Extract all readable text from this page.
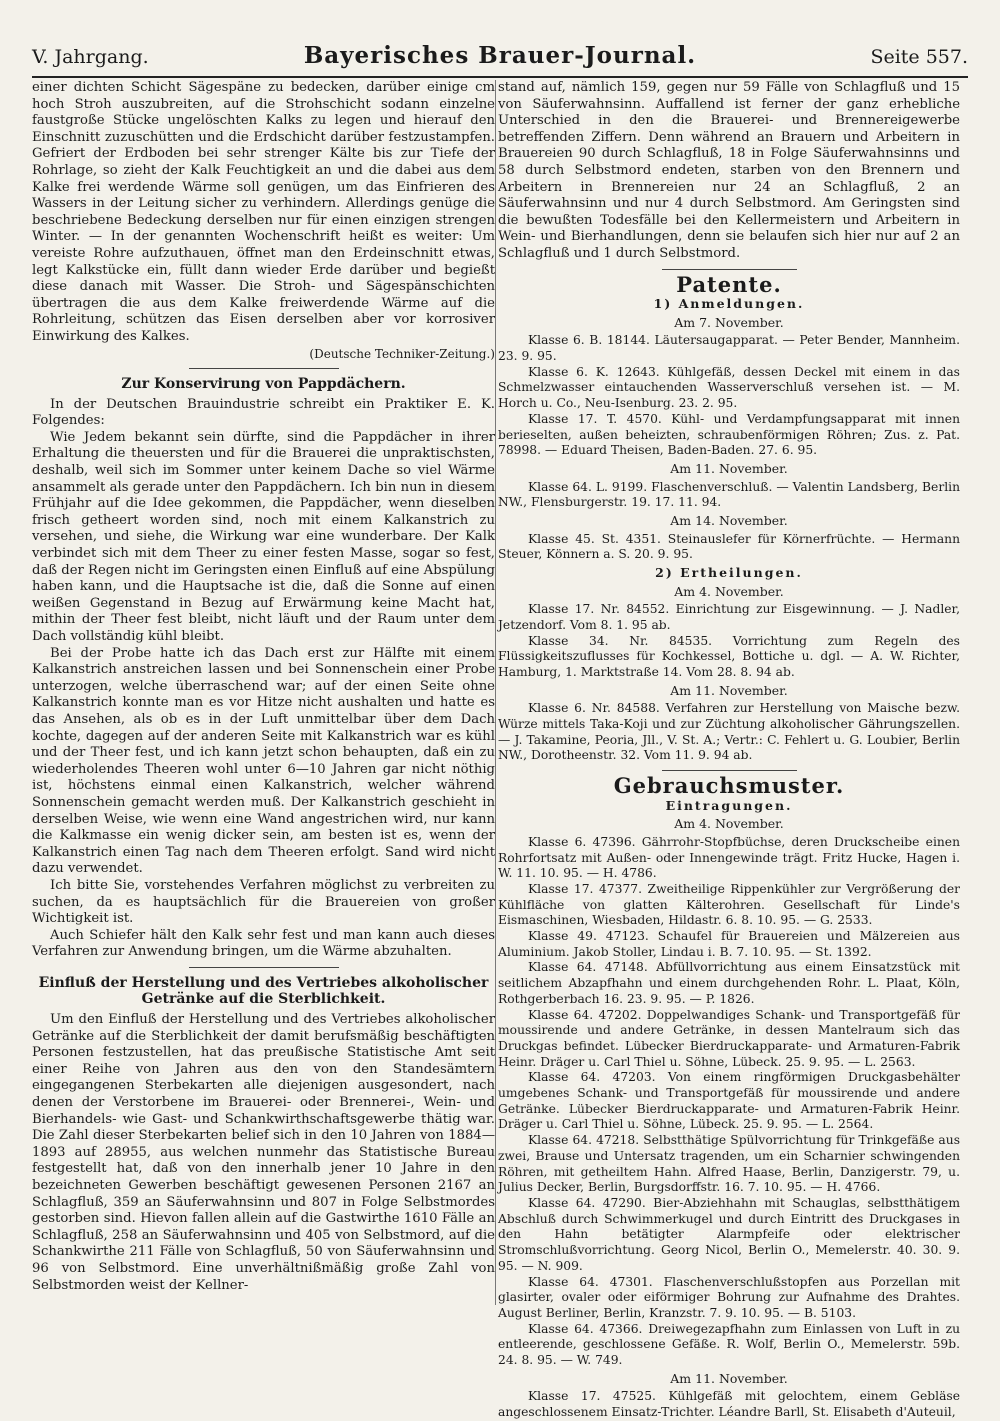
V. Jahrgang.	Bayerisches Brauer-Journal.	Seite 557.

einer dichten Schicht Sägespäne zu bedecken, darüber einige cm hoch Stroh auszubreiten, auf die Strohschicht sodann einzelne faustgroße Stücke ungelöschten Kalks zu legen und hierauf den Einschnitt zuzuschütten und die Erdschicht darüber festzustampfen. Gefriert der Erdboden bei sehr strenger Kälte bis zur Tiefe der Rohrlage, so zieht der Kalk Feuchtigkeit an und die dabei aus dem Kalke frei werdende Wärme soll genügen, um das Einfrieren des Wassers in der Leitung sicher zu verhindern. Allerdings genüge die beschriebene Bedeckung derselben nur für einen einzigen strengen Winter. — In der genannten Wochenschrift heißt es weiter: Um vereiste Rohre aufzuthauen, öffnet man den Erdeinschnitt etwas, legt Kalkstücke ein, füllt dann wieder Erde darüber und begießt diese danach mit Wasser. Die Stroh- und Sägespänschichten übertragen die aus dem Kalke freiwerdende Wärme auf die Rohrleitung, schützen das Eisen derselben aber vor korrosiver Einwirkung des Kalkes.

(Deutsche Techniker-Zeitung.)

Zur Konservirung von Pappdächern.

In der Deutschen Brauindustrie schreibt ein Praktiker E. K. Folgendes:

Wie Jedem bekannt sein dürfte, sind die Pappdächer in ihrer Erhaltung die theuersten und für die Brauerei die unpraktischsten, deshalb, weil sich im Sommer unter keinem Dache so viel Wärme ansammelt als gerade unter den Pappdächern. Ich bin nun in diesem Frühjahr auf die Idee gekommen, die Pappdächer, wenn dieselben frisch getheert worden sind, noch mit einem Kalkanstrich zu versehen, und siehe, die Wirkung war eine wunderbare. Der Kalk verbindet sich mit dem Theer zu einer festen Masse, sogar so fest, daß der Regen nicht im Geringsten einen Einfluß auf eine Abspülung haben kann, und die Hauptsache ist die, daß die Sonne auf einen weißen Gegenstand in Bezug auf Erwärmung keine Macht hat, mithin der Theer fest bleibt, nicht läuft und der Raum unter dem Dach vollständig kühl bleibt.

Bei der Probe hatte ich das Dach erst zur Hälfte mit einem Kalkanstrich anstreichen lassen und bei Sonnenschein einer Probe unterzogen, welche überraschend war; auf der einen Seite ohne Kalkanstrich konnte man es vor Hitze nicht aushalten und hatte es das Ansehen, als ob es in der Luft unmittelbar über dem Dach kochte, dagegen auf der anderen Seite mit Kalkanstrich war es kühl und der Theer fest, und ich kann jetzt schon behaupten, daß ein zu wiederholendes Theeren wohl unter 6—10 Jahren gar nicht nöthig ist, höchstens einmal einen Kalkanstrich, welcher während Sonnenschein gemacht werden muß. Der Kalkanstrich geschieht in derselben Weise, wie wenn eine Wand angestrichen wird, nur kann die Kalkmasse ein wenig dicker sein, am besten ist es, wenn der Kalkanstrich einen Tag nach dem Theeren erfolgt. Sand wird nicht dazu verwendet.

Ich bitte Sie, vorstehendes Verfahren möglichst zu verbreiten zu suchen, da es hauptsächlich für die Brauereien von großer Wichtigkeit ist.

Auch Schiefer hält den Kalk sehr fest und man kann auch dieses Verfahren zur Anwendung bringen, um die Wärme abzuhalten.

Einfluß der Herstellung und des Vertriebes alkoholischer Getränke auf die Sterblichkeit.

Um den Einfluß der Herstellung und des Vertriebes alkoholischer Getränke auf die Sterblichkeit der damit berufsmäßig beschäftigten Personen festzustellen, hat das preußische Statistische Amt seit einer Reihe von Jahren aus den von den Standesämtern eingegangenen Sterbekarten alle diejenigen ausgesondert, nach denen der Verstorbene im Brauerei- oder Brennerei-, Wein- und Bierhandels- wie Gast- und Schankwirthschaftsgewerbe thätig war. Die Zahl dieser Sterbekarten belief sich in den 10 Jahren von 1884—1893 auf 28955, aus welchen nunmehr das Statistische Bureau festgestellt hat, daß von den innerhalb jener 10 Jahre in den bezeichneten Gewerben beschäftigt gewesenen Personen 2167 an Schlagfluß, 359 an Säuferwahnsinn und 807 in Folge Selbstmordes gestorben sind. Hievon fallen allein auf die Gastwirthe 1610 Fälle an Schlagfluß, 258 an Säuferwahnsinn und 405 von Selbstmord, auf die Schankwirthe 211 Fälle von Schlagfluß, 50 von Säuferwahnsinn und 96 von Selbstmord. Eine unverhältnißmäßig große Zahl von Selbstmorden weist der Kellner-

stand auf, nämlich 159, gegen nur 59 Fälle von Schlagfluß und 15 von Säuferwahnsinn. Auffallend ist ferner der ganz erhebliche Unterschied in den die Brauerei- und Brennereigewerbe betreffenden Ziffern. Denn während an Brauern und Arbeitern in Brauereien 90 durch Schlagfluß, 18 in Folge Säuferwahnsinns und 58 durch Selbstmord endeten, starben von den Brennern und Arbeitern in Brennereien nur 24 an Schlagfluß, 2 an Säuferwahnsinn und nur 4 durch Selbstmord. Am Geringsten sind die bewußten Todesfälle bei den Kellermeistern und Arbeitern in Wein- und Bierhandlungen, denn sie belaufen sich hier nur auf 2 an Schlagfluß und 1 durch Selbstmord.

Patente.
1) Anmeldungen.

Am 7. November.

Klasse 6. B. 18144. Läutersaugapparat. — Peter Bender, Mannheim. 23. 9. 95.

Klasse 6. K. 12643. Kühlgefäß, dessen Deckel mit einem in das Schmelzwasser eintauchenden Wasserverschluß versehen ist. — M. Horch u. Co., Neu-Isenburg. 23. 2. 95.

Klasse 17. T. 4570. Kühl- und Verdampfungsapparat mit innen berieselten, außen beheizten, schraubenförmigen Röhren; Zus. z. Pat. 78998. — Eduard Theisen, Baden-Baden. 27. 6. 95.

Am 11. November.

Klasse 64. L. 9199. Flaschenverschluß. — Valentin Landsberg, Berlin NW., Flensburgerstr. 19. 17. 11. 94.

Am 14. November.

Klasse 45. St. 4351. Steinauslefer für Körnerfrüchte. — Hermann Steuer, Könnern a. S. 20. 9. 95.

2) Ertheilungen.

Am 4. November.

Klasse 17. Nr. 84552. Einrichtung zur Eisgewinnung. — J. Nadler, Jetzendorf. Vom 8. 1. 95 ab.

Klasse 34. Nr. 84535. Vorrichtung zum Regeln des Flüssigkeitszuflusses für Kochkessel, Bottiche u. dgl. — A. W. Richter, Hamburg, 1. Marktstraße 14. Vom 28. 8. 94 ab.

Am 11. November.

Klasse 6. Nr. 84588. Verfahren zur Herstellung von Maische bezw. Würze mittels Taka-Koji und zur Züchtung alkoholischer Gährungszellen. — J. Takamine, Peoria, Jll., V. St. A.; Vertr.: C. Fehlert u. G. Loubier, Berlin NW., Dorotheenstr. 32. Vom 11. 9. 94 ab.

Gebrauchsmuster.
Eintragungen.

Am 4. November.

Klasse 6. 47396. Gährrohr-Stopfbüchse, deren Druckscheibe einen Rohrfortsatz mit Außen- oder Innengewinde trägt. Fritz Hucke, Hagen i. W. 11. 10. 95. — H. 4786.

Klasse 17. 47377. Zweitheilige Rippenkühler zur Vergrößerung der Kühlfläche von glatten Kälterohren. Gesellschaft für Linde's Eismaschinen, Wiesbaden, Hildastr. 6. 8. 10. 95. — G. 2533.

Klasse 49. 47123. Schaufel für Brauereien und Mälzereien aus Aluminium. Jakob Stoller, Lindau i. B. 7. 10. 95. — St. 1392.

Klasse 64. 47148. Abfüllvorrichtung aus einem Einsatzstück mit seitlichem Abzapfhahn und einem durchgehenden Rohr. L. Plaat, Köln, Rothgerberbach 16. 23. 9. 95. — P. 1826.

Klasse 64. 47202. Doppelwandiges Schank- und Transportgefäß für moussirende und andere Getränke, in dessen Mantelraum sich das Druckgas befindet. Lübecker Bierdruckapparate- und Armaturen-Fabrik Heinr. Dräger u. Carl Thiel u. Söhne, Lübeck. 25. 9. 95. — L. 2563.

Klasse 64. 47203. Von einem ringförmigen Druckgasbehälter umgebenes Schank- und Transportgefäß für moussirende und andere Getränke. Lübecker Bierdruckapparate- und Armaturen-Fabrik Heinr. Dräger u. Carl Thiel u. Söhne, Lübeck. 25. 9. 95. — L. 2564.

Klasse 64. 47218. Selbstthätige Spülvorrichtung für Trinkgefäße aus zwei, Brause und Untersatz tragenden, um ein Scharnier schwingenden Röhren, mit getheiltem Hahn. Alfred Haase, Berlin, Danzigerstr. 79, u. Julius Decker, Berlin, Burgsdorffstr. 16. 7. 10. 95. — H. 4766.

Klasse 64. 47290. Bier-Abziehhahn mit Schauglas, selbstthätigem Abschluß durch Schwimmerkugel und durch Eintritt des Druckgases in den Hahn betätigter Alarmpfeife oder elektrischer Stromschlußvorrichtung. Georg Nicol, Berlin O., Memelerstr. 40. 30. 9. 95. — N. 909.

Klasse 64. 47301. Flaschenverschlußstopfen aus Porzellan mit glasirter, ovaler oder eiförmiger Bohrung zur Aufnahme des Drahtes. August Berliner, Berlin, Kranzstr. 7. 9. 10. 95. — B. 5103.

Klasse 64. 47366. Dreiwegezapfhahn zum Einlassen von Luft in zu entleerende, geschlossene Gefäße. R. Wolf, Berlin O., Memelerstr. 59b. 24. 8. 95. — W. 749.

Am 11. November.

Klasse 17. 47525. Kühlgefäß mit gelochtem, einem Gebläse angeschlossenem Einsatz-Trichter. Léandre Barll, St. Elisabeth d'Auteuil,
